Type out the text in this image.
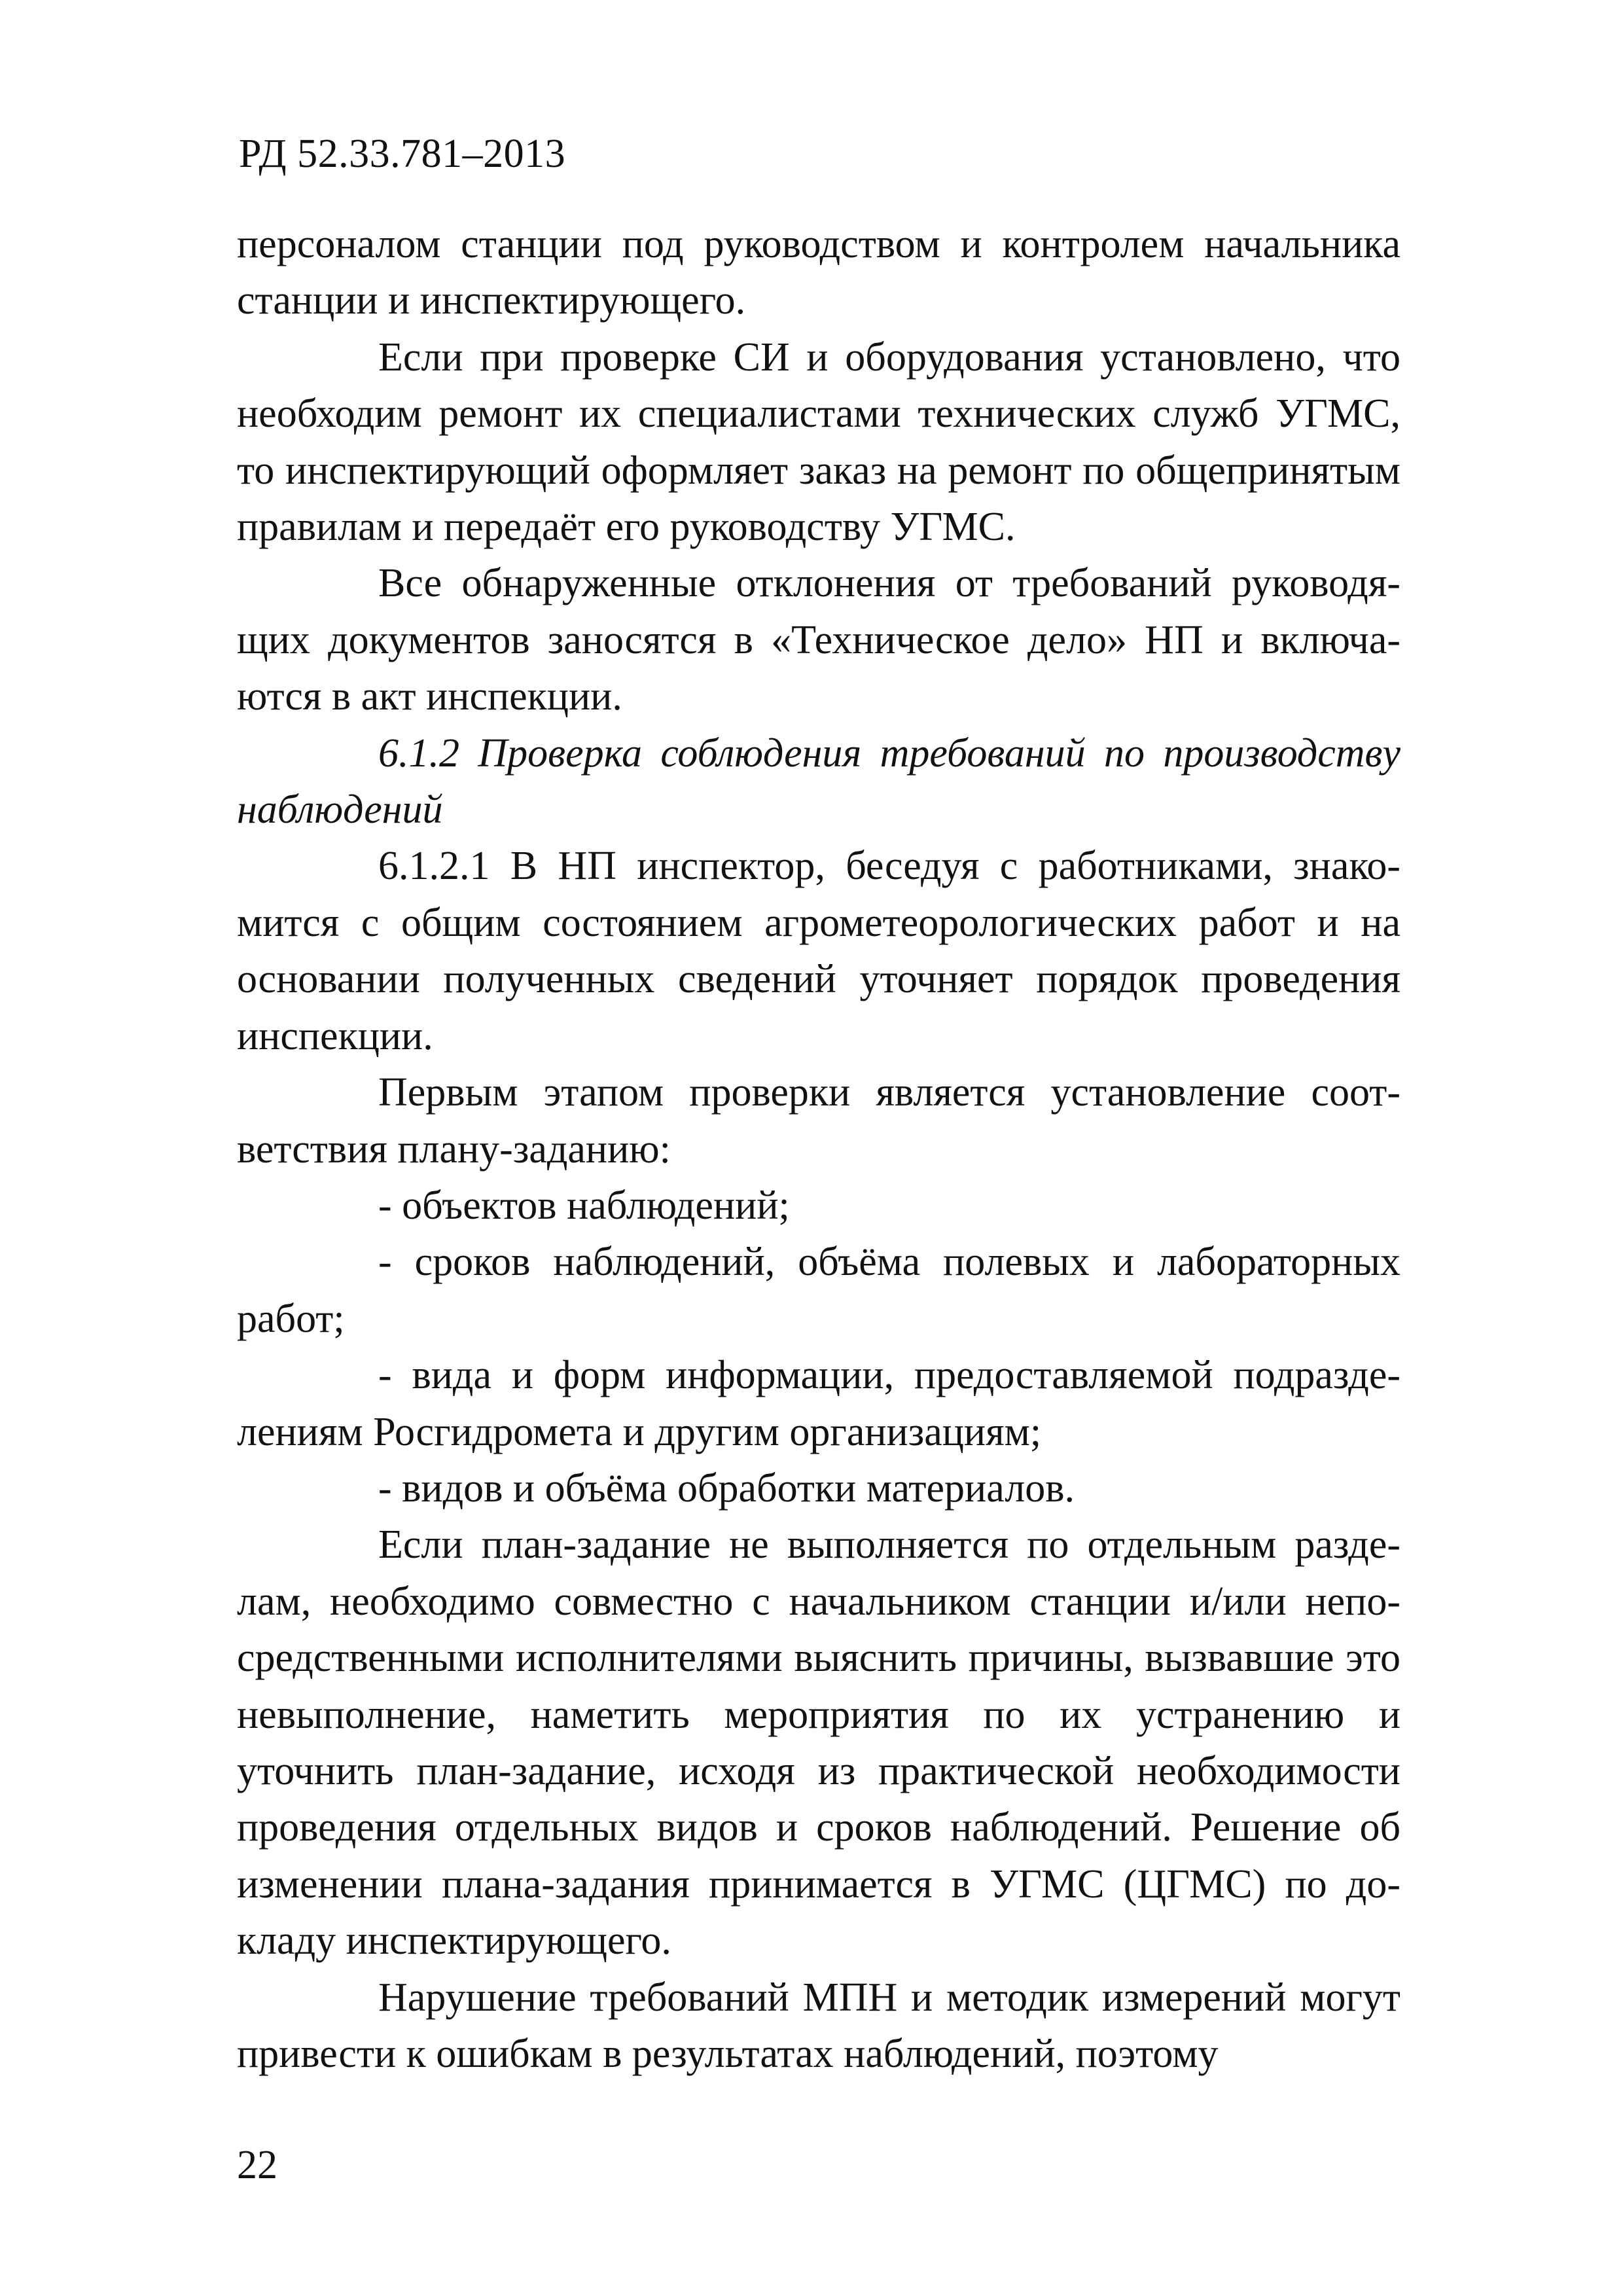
РД 52.33.781–2013

персоналом станции под руководством и контролем начальника станции и инспектирующего.

Если при проверке СИ и оборудования установлено, что необходим ремонт их специалистами технических служб УГМС, то инспектирующий оформляет заказ на ремонт по общепринятым правилам и передаёт его руководству УГМС.

Все обнаруженные отклонения от требований руководящих документов заносятся в «Техническое дело» НП и включаются в акт инспекции.

6.1.2 Проверка соблюдения требований по производству наблюдений

6.1.2.1 В НП инспектор, беседуя с работниками, знакомится с общим состоянием агрометеорологических работ и на основании полученных сведений уточняет порядок проведения инспекции.

Первым этапом проверки является установление соответствия плану-заданию:

- объектов наблюдений;

- сроков наблюдений, объёма полевых и лабораторных работ;

- вида и форм информации, предоставляемой подразделениям Росгидромета и другим организациям;

- видов и объёма обработки материалов.

Если план-задание не выполняется по отдельным разделам, необходимо совместно с начальником станции и/или непосредственными исполнителями выяснить причины, вызвавшие это невыполнение, наметить мероприятия по их устранению и уточнить план-задание, исходя из практической необходимости проведения отдельных видов и сроков наблюдений. Решение об изменении плана-задания принимается в УГМС (ЦГМС) по докладу инспектирующего.

Нарушение требований МПН и методик измерений могут привести к ошибкам в результатах наблюдений, поэтому

22
